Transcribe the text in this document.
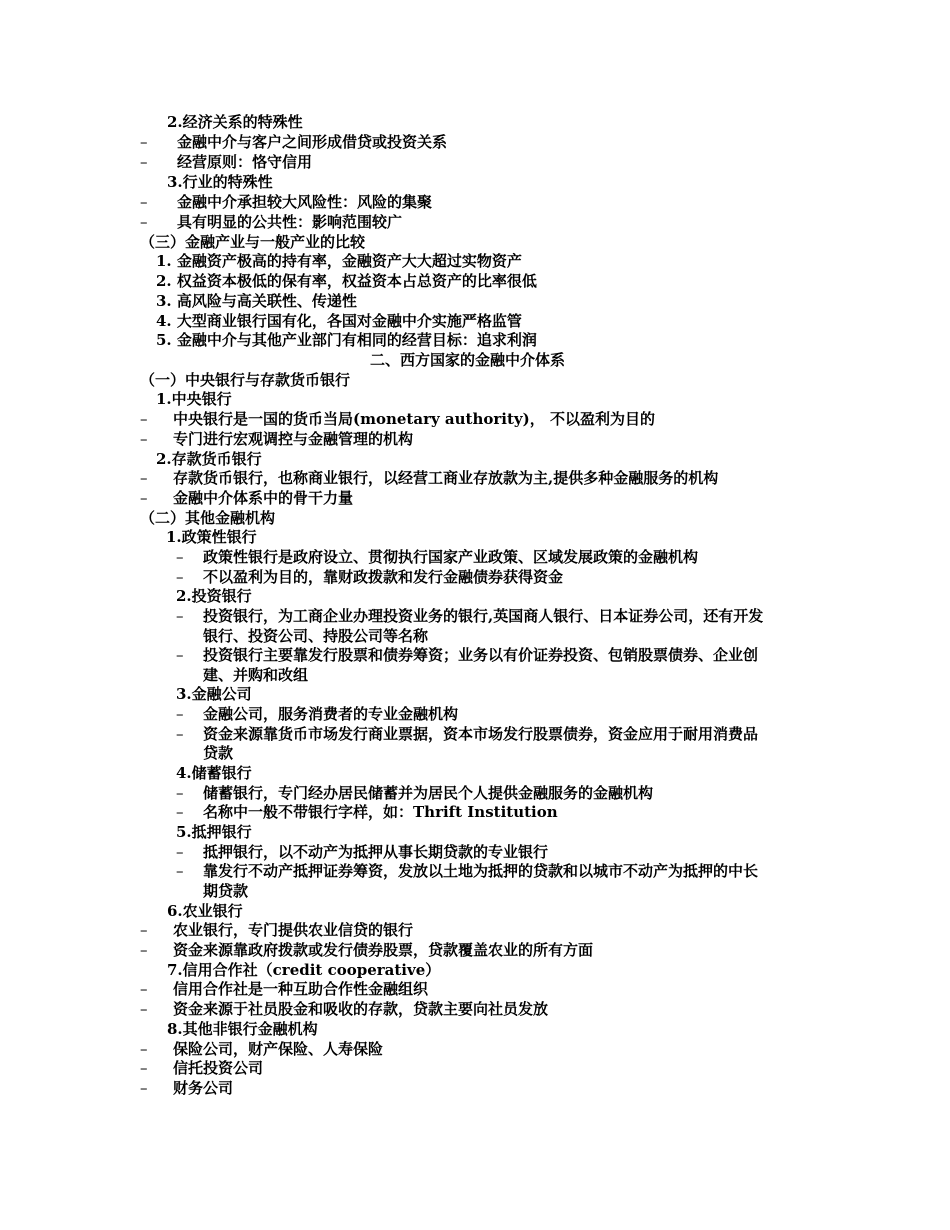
2.经济关系的特殊性
– 金融中介与客户之间形成借贷或投资关系
– 经营原则：恪守信用
3.行业的特殊性
– 金融中介承担较大风险性：风险的集聚
– 具有明显的公共性：影响范围较广
（三）金融产业与一般产业的比较
1. 金融资产极高的持有率，金融资产大大超过实物资产
2. 权益资本极低的保有率，权益资本占总资产的比率很低
3. 高风险与高关联性、传递性
4. 大型商业银行国有化，各国对金融中介实施严格监管
5. 金融中介与其他产业部门有相同的经营目标：追求利润
二、西方国家的金融中介体系
（一）中央银行与存款货币银行
1.中央银行
– 中央银行是一国的货币当局(monetary authority)， 不以盈利为目的
– 专门进行宏观调控与金融管理的机构
2.存款货币银行
– 存款货币银行，也称商业银行，以经营工商业存放款为主,提供多种金融服务的机构
– 金融中介体系中的骨干力量
（二）其他金融机构
1.政策性银行
– 政策性银行是政府设立、贯彻执行国家产业政策、区域发展政策的金融机构
– 不以盈利为目的，靠财政拨款和发行金融债券获得资金
2.投资银行
– 投资银行，为工商企业办理投资业务的银行,英国商人银行、日本证券公司，还有开发
银行、投资公司、持股公司等名称
– 投资银行主要靠发行股票和债券筹资；业务以有价证券投资、包销股票债券、企业创
建、并购和改组
3.金融公司
– 金融公司，服务消费者的专业金融机构
– 资金来源靠货币市场发行商业票据，资本市场发行股票债券，资金应用于耐用消费品
贷款
4.储蓄银行
– 储蓄银行，专门经办居民储蓄并为居民个人提供金融服务的金融机构
– 名称中一般不带银行字样，如：Thrift Institution
5.抵押银行
– 抵押银行，以不动产为抵押从事长期贷款的专业银行
– 靠发行不动产抵押证券筹资，发放以土地为抵押的贷款和以城市不动产为抵押的中长
期贷款
6.农业银行
– 农业银行，专门提供农业信贷的银行
– 资金来源靠政府拨款或发行债券股票，贷款覆盖农业的所有方面
7.信用合作社（credit cooperative）
– 信用合作社是一种互助合作性金融组织
– 资金来源于社员股金和吸收的存款，贷款主要向社员发放
8.其他非银行金融机构
– 保险公司，财产保险、人寿保险
– 信托投资公司
– 财务公司
